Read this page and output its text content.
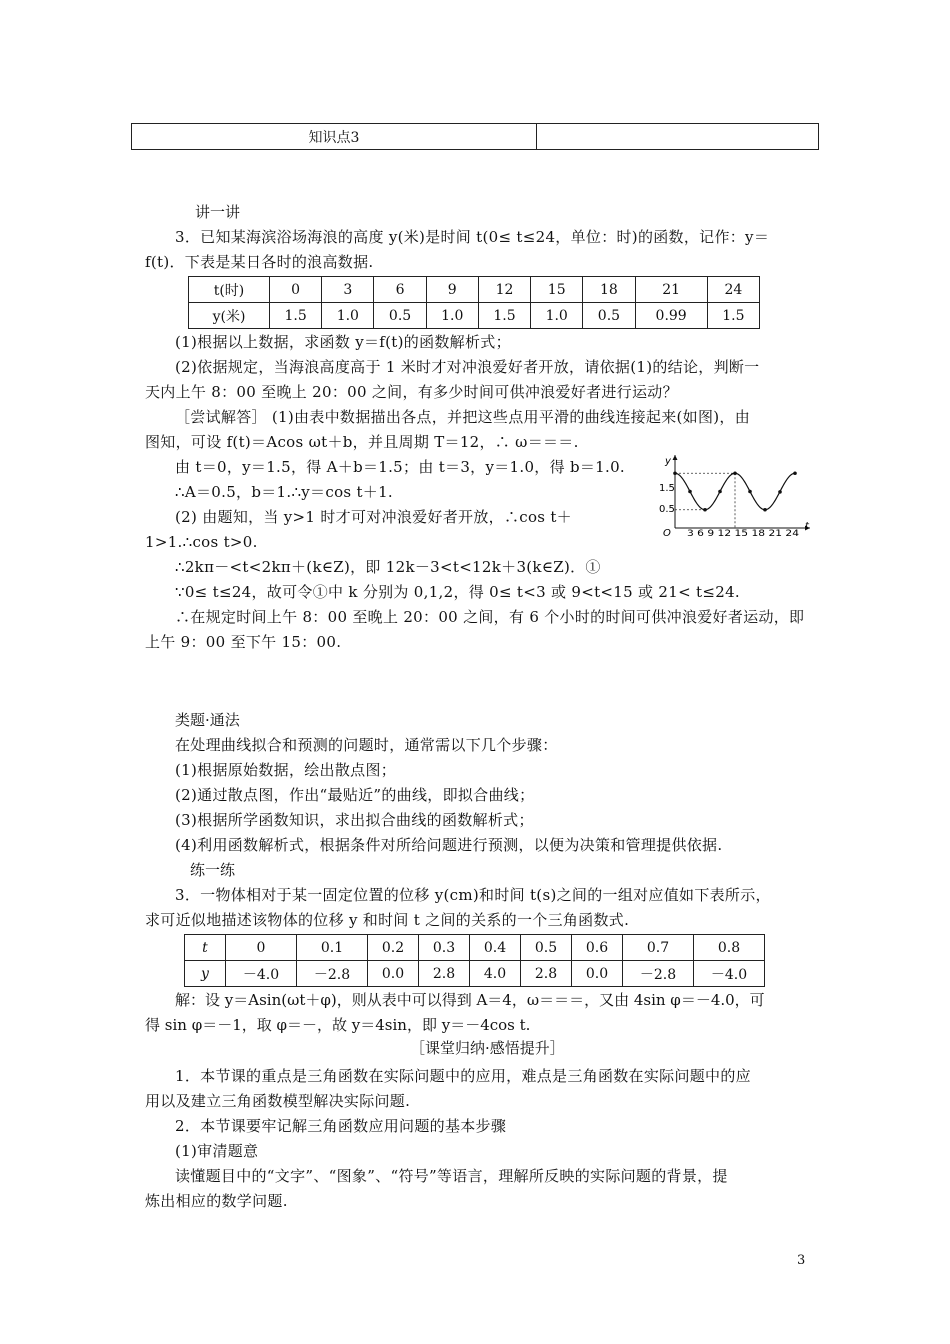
知识点3	
讲一讲
3．已知某海滨浴场海浪的高度 y(米)是时间 t(0≤ t≤24，单位：时)的函数，记作：y＝
f(t)．下表是某日各时的浪高数据.
t(时)	0	3	6	9	12	15	18	21	24
y(米)	1.5	1.0	0.5	1.0	1.5	1.0	0.5	0.99	1.5
(1)根据以上数据，求函数 y＝f(t)的函数解析式；
(2)依据规定，当海浪高度高于 1 米时才对冲浪爱好者开放，请依据(1)的结论，判断一
天内上午 8：00 至晚上 20：00 之间，有多少时间可供冲浪爱好者进行运动？
［尝试解答］ (1)由表中数据描出各点，并把这些点用平滑的曲线连接起来(如图)，由
图知，可设 f(t)＝Acos ωt＋b，并且周期 T＝12，∴ ω＝＝＝.
由 t＝0，y＝1.5，得 A＋b＝1.5；由 t＝3，y＝1.0，得 b＝1.0.
∴A＝0.5，b＝1.∴y＝cos t＋1.
(2) 由题知，当 y>1 时才可对冲浪爱好者开放，∴cos t＋
1>1.∴cos t>0.
∴2kπ－<t<2kπ＋(k∈Z)，即 12k－3<t<12k＋3(k∈Z)．①
∵0≤ t≤24，故可令①中 k 分别为 0,1,2，得 0≤ t<3 或 9<t<15 或 21< t≤24.
∴在规定时间上午 8：00 至晚上 20：00 之间，有 6 个小时的时间可供冲浪爱好者运动，即
上午 9：00 至下午 15：00.
y
t
O
1.5
0.5
3 6 9 12 15 18 21 24
类题·通法
在处理曲线拟合和预测的问题时，通常需以下几个步骤：
(1)根据原始数据，绘出散点图；
(2)通过散点图，作出“最贴近”的曲线，即拟合曲线；
(3)根据所学函数知识，求出拟合曲线的函数解析式；
(4)利用函数解析式，根据条件对所给问题进行预测，以便为决策和管理提供依据.
练一练
3．一物体相对于某一固定位置的位移 y(cm)和时间 t(s)之间的一组对应值如下表所示，
求可近似地描述该物体的位移 y 和时间 t 之间的关系的一个三角函数式.
t	0	0.1	0.2	0.3	0.4	0.5	0.6	0.7	0.8
y	－4.0	－2.8	0.0	2.8	4.0	2.8	0.0	－2.8	－4.0
解：设 y＝Asin(ωt＋φ)，则从表中可以得到 A＝4，ω＝＝＝，又由 4sin φ＝－4.0，可
得 sin φ＝－1，取 φ＝－，故 y＝4sin，即 y＝－4cos t.
［课堂归纳·感悟提升］
1．本节课的重点是三角函数在实际问题中的应用，难点是三角函数在实际问题中的应
用以及建立三角函数模型解决实际问题.
2．本节课要牢记解三角函数应用问题的基本步骤
(1)审清题意
读懂题目中的“文字”、“图象”、“符号”等语言，理解所反映的实际问题的背景，提
炼出相应的数学问题.
3
